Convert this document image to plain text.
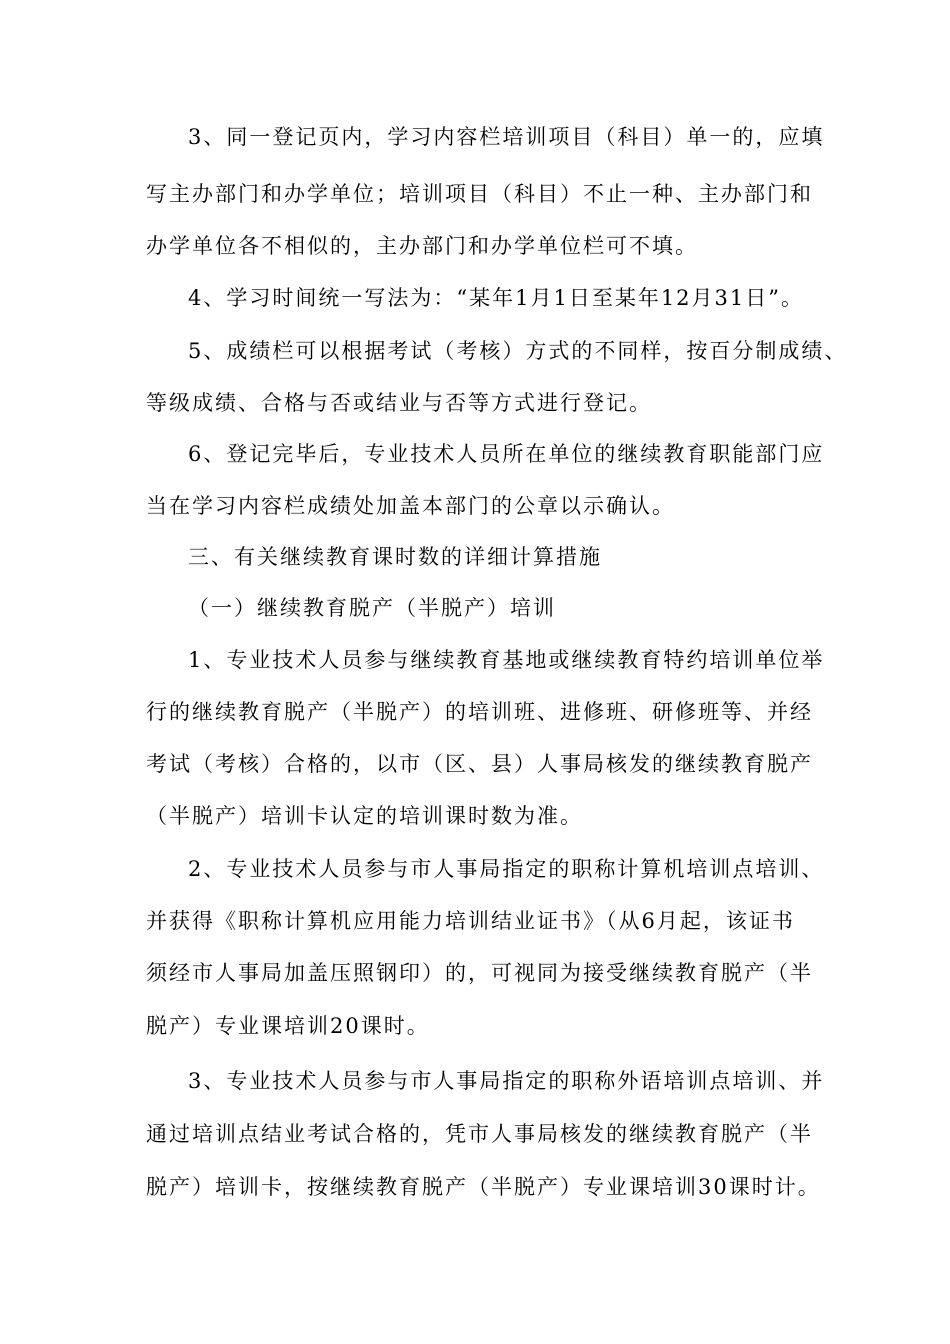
3、同一登记页内，学习内容栏培训项目（科目）单一的，应填
写主办部门和办学单位；培训项目（科目）不止一种、主办部门和
办学单位各不相似的，主办部门和办学单位栏可不填。
4、学习时间统一写法为：“某年1月1日至某年12月31日”。
5、成绩栏可以根据考试（考核）方式的不同样，按百分制成绩、
等级成绩、合格与否或结业与否等方式进行登记。
6、登记完毕后，专业技术人员所在单位的继续教育职能部门应
当在学习内容栏成绩处加盖本部门的公章以示确认。
三、有关继续教育课时数的详细计算措施
（一）继续教育脱产（半脱产）培训
1、专业技术人员参与继续教育基地或继续教育特约培训单位举
行的继续教育脱产（半脱产）的培训班、进修班、研修班等、并经
考试（考核）合格的，以市（区、县）人事局核发的继续教育脱产
（半脱产）培训卡认定的培训课时数为准。
2、专业技术人员参与市人事局指定的职称计算机培训点培训、
并获得《职称计算机应用能力培训结业证书》（从6月起，该证书
须经市人事局加盖压照钢印）的，可视同为接受继续教育脱产（半
脱产）专业课培训20课时。
3、专业技术人员参与市人事局指定的职称外语培训点培训、并
通过培训点结业考试合格的，凭市人事局核发的继续教育脱产（半
脱产）培训卡，按继续教育脱产（半脱产）专业课培训30课时计。
